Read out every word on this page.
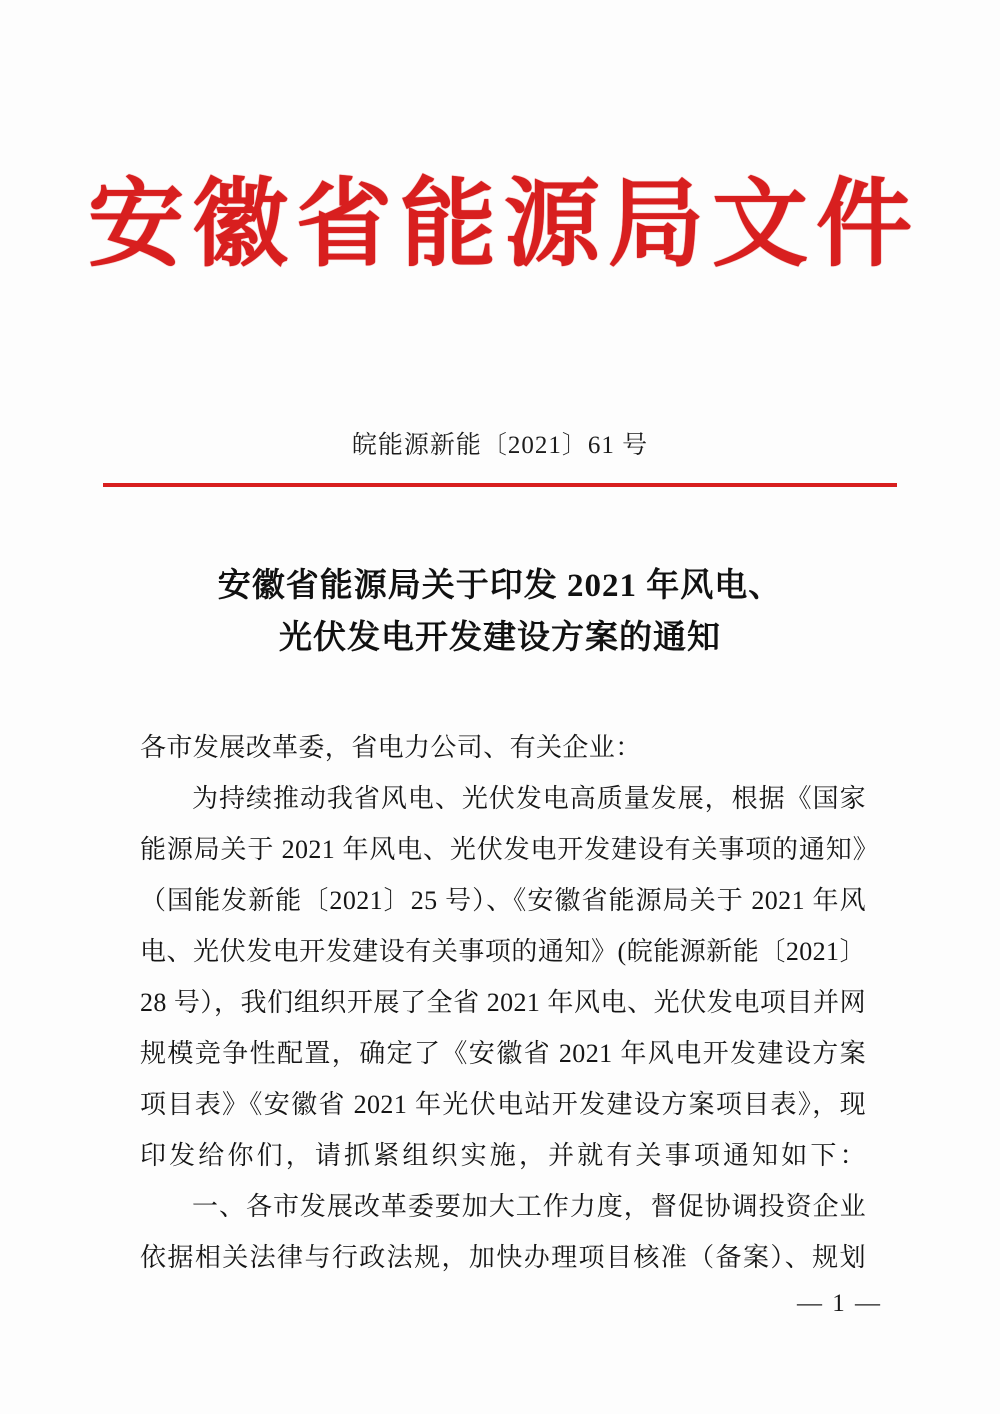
安徽省能源局文件
皖能源新能〔2021〕61 号
安徽省能源局关于印发 2021 年风电、
光伏发电开发建设方案的通知

各市发展改革委，省电力公司、有关企业：

为持续推动我省风电、光伏发电高质量发展，根据《国家能源局关于 2021 年风电、光伏发电开发建设有关事项的通知》（国能发新能〔2021〕25 号）、《安徽省能源局关于 2021 年风电、光伏发电开发建设有关事项的通知》(皖能源新能〔2021〕28 号），我们组织开展了全省 2021 年风电、光伏发电项目并网规模竞争性配置，确定了《安徽省 2021 年风电开发建设方案项目表》《安徽省 2021 年光伏电站开发建设方案项目表》，现印发给你们，请抓紧组织实施，并就有关事项通知如下：

一、各市发展改革委要加大工作力度，督促协调投资企业依据相关法律与行政法规，加快办理项目核准（备案）、规划

— 1 —
